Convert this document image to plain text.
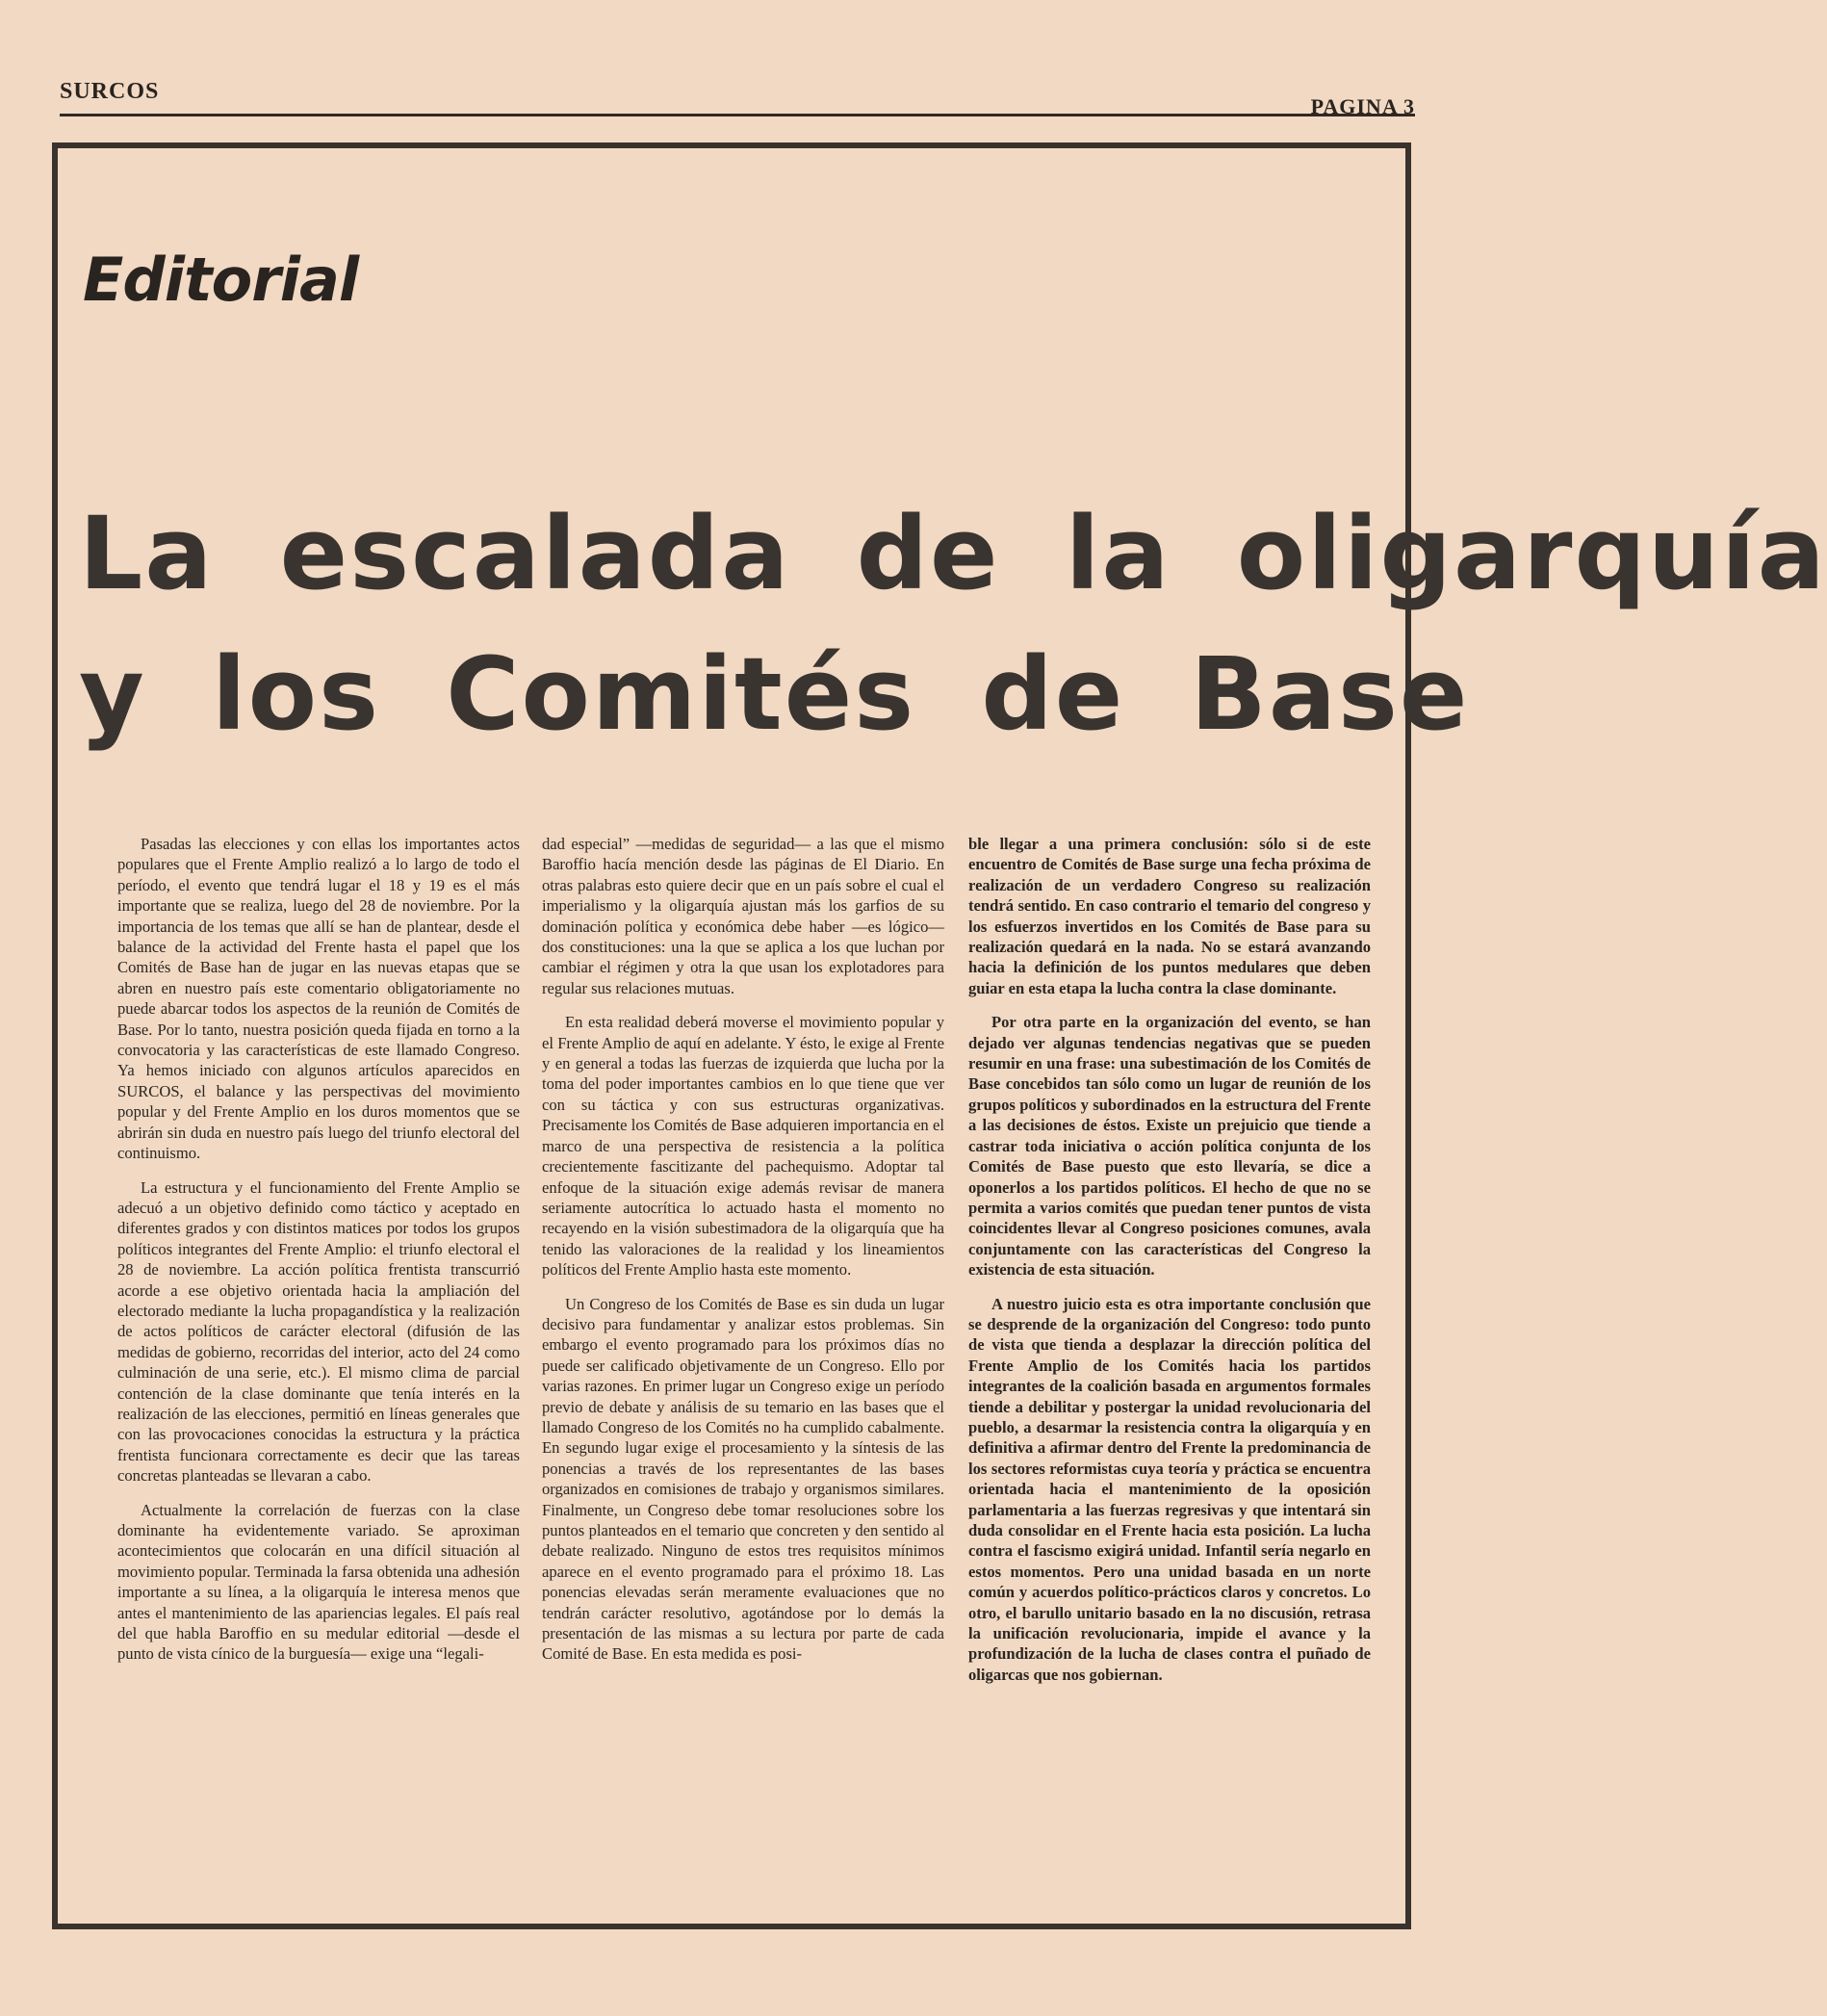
SURCOS
PAGINA 3
Editorial
La escalada de la oligarquía
y los Comités de Base

Pasadas las elecciones y con ellas los importantes actos populares que el Frente Amplio realizó a lo largo de todo el período, el evento que tendrá lugar el 18 y 19 es el más importante que se realiza, luego del 28 de noviembre. Por la importancia de los temas que allí se han de plantear, desde el balance de la actividad del Frente hasta el papel que los Comités de Base han de jugar en las nuevas etapas que se abren en nuestro país este comentario obligatoriamente no puede abarcar todos los aspectos de la reunión de Comités de Base. Por lo tanto, nuestra posición queda fijada en torno a la convocatoria y las características de este llamado Congreso. Ya hemos iniciado con algunos artículos aparecidos en SURCOS, el balance y las perspectivas del movimiento popular y del Frente Amplio en los duros momentos que se abrirán sin duda en nuestro país luego del triunfo electoral del continuismo.

La estructura y el funcionamiento del Frente Amplio se adecuó a un objetivo definido como táctico y aceptado en diferentes grados y con distintos matices por todos los grupos políticos integrantes del Frente Amplio: el triunfo electoral el 28 de noviembre. La acción política frentista transcurrió acorde a ese objetivo orientada hacia la ampliación del electorado mediante la lucha propagandística y la realización de actos políticos de carácter electoral (difusión de las medidas de gobierno, recorridas del interior, acto del 24 como culminación de una serie, etc.). El mismo clima de parcial contención de la clase dominante que tenía interés en la realización de las elecciones, permitió en líneas generales que con las provocaciones conocidas la estructura y la práctica frentista funcionara correctamente es decir que las tareas concretas planteadas se llevaran a cabo.

Actualmente la correlación de fuerzas con la clase dominante ha evidentemente variado. Se aproximan acontecimientos que colocarán en una difícil situación al movimiento popular. Terminada la farsa obtenida una adhesión importante a su línea, a la oligarquía le interesa menos que antes el mantenimiento de las apariencias legales. El país real del que habla Baroffio en su medular editorial —desde el punto de vista cínico de la burguesía— exige una “legali-

dad especial” —medidas de seguridad— a las que el mismo Baroffio hacía mención desde las páginas de El Diario. En otras palabras esto quiere decir que en un país sobre el cual el imperialismo y la oligarquía ajustan más los garfios de su dominación política y económica debe haber —es lógico— dos constituciones: una la que se aplica a los que luchan por cambiar el régimen y otra la que usan los explotadores para regular sus relaciones mutuas.

En esta realidad deberá moverse el movimiento popular y el Frente Amplio de aquí en adelante. Y ésto, le exige al Frente y en general a todas las fuerzas de izquierda que lucha por la toma del poder importantes cambios en lo que tiene que ver con su táctica y con sus estructuras organizativas. Precisamente los Comités de Base adquieren importancia en el marco de una perspectiva de resistencia a la política crecientemente fascitizante del pachequismo. Adoptar tal enfoque de la situación exige además revisar de manera seriamente autocrítica lo actuado hasta el momento no recayendo en la visión subestimadora de la oligarquía que ha tenido las valoraciones de la realidad y los lineamientos políticos del Frente Amplio hasta este momento.

Un Congreso de los Comités de Base es sin duda un lugar decisivo para fundamentar y analizar estos problemas. Sin embargo el evento programado para los próximos días no puede ser calificado objetivamente de un Congreso. Ello por varias razones. En primer lugar un Congreso exige un período previo de debate y análisis de su temario en las bases que el llamado Congreso de los Comités no ha cumplido cabalmente. En segundo lugar exige el procesamiento y la síntesis de las ponencias a través de los representantes de las bases organizados en comisiones de trabajo y organismos similares. Finalmente, un Congreso debe tomar resoluciones sobre los puntos planteados en el temario que concreten y den sentido al debate realizado. Ninguno de estos tres requisitos mínimos aparece en el evento programado para el próximo 18. Las ponencias elevadas serán meramente evaluaciones que no tendrán carácter resolutivo, agotándose por lo demás la presentación de las mismas a su lectura por parte de cada Comité de Base. En esta medida es posi-

ble llegar a una primera conclusión: sólo si de este encuentro de Comités de Base surge una fecha próxima de realización de un verdadero Congreso su realización tendrá sentido. En caso contrario el temario del congreso y los esfuerzos invertidos en los Comités de Base para su realización quedará en la nada. No se estará avanzando hacia la definición de los puntos medulares que deben guiar en esta etapa la lucha contra la clase dominante.

Por otra parte en la organización del evento, se han dejado ver algunas tendencias negativas que se pueden resumir en una frase: una subestimación de los Comités de Base concebidos tan sólo como un lugar de reunión de los grupos políticos y subordinados en la estructura del Frente a las decisiones de éstos. Existe un prejuicio que tiende a castrar toda iniciativa o acción política conjunta de los Comités de Base puesto que esto llevaría, se dice a oponerlos a los partidos políticos. El hecho de que no se permita a varios comités que puedan tener puntos de vista coincidentes llevar al Congreso posiciones comunes, avala conjuntamente con las características del Congreso la existencia de esta situación.

A nuestro juicio esta es otra importante conclusión que se desprende de la organización del Congreso: todo punto de vista que tienda a desplazar la dirección política del Frente Amplio de los Comités hacia los partidos integrantes de la coalición basada en argumentos formales tiende a debilitar y postergar la unidad revolucionaria del pueblo, a desarmar la resistencia contra la oligarquía y en definitiva a afirmar dentro del Frente la predominancia de los sectores reformistas cuya teoría y práctica se encuentra orientada hacia el mantenimiento de la oposición parlamentaria a las fuerzas regresivas y que intentará sin duda consolidar en el Frente hacia esta posición. La lucha contra el fascismo exigirá unidad. Infantil sería negarlo en estos momentos. Pero una unidad basada en un norte común y acuerdos político-prácticos claros y concretos. Lo otro, el barullo unitario basado en la no discusión, retrasa la unificación revolucionaria, impide el avance y la profundización de la lucha de clases contra el puñado de oligarcas que nos gobiernan.
